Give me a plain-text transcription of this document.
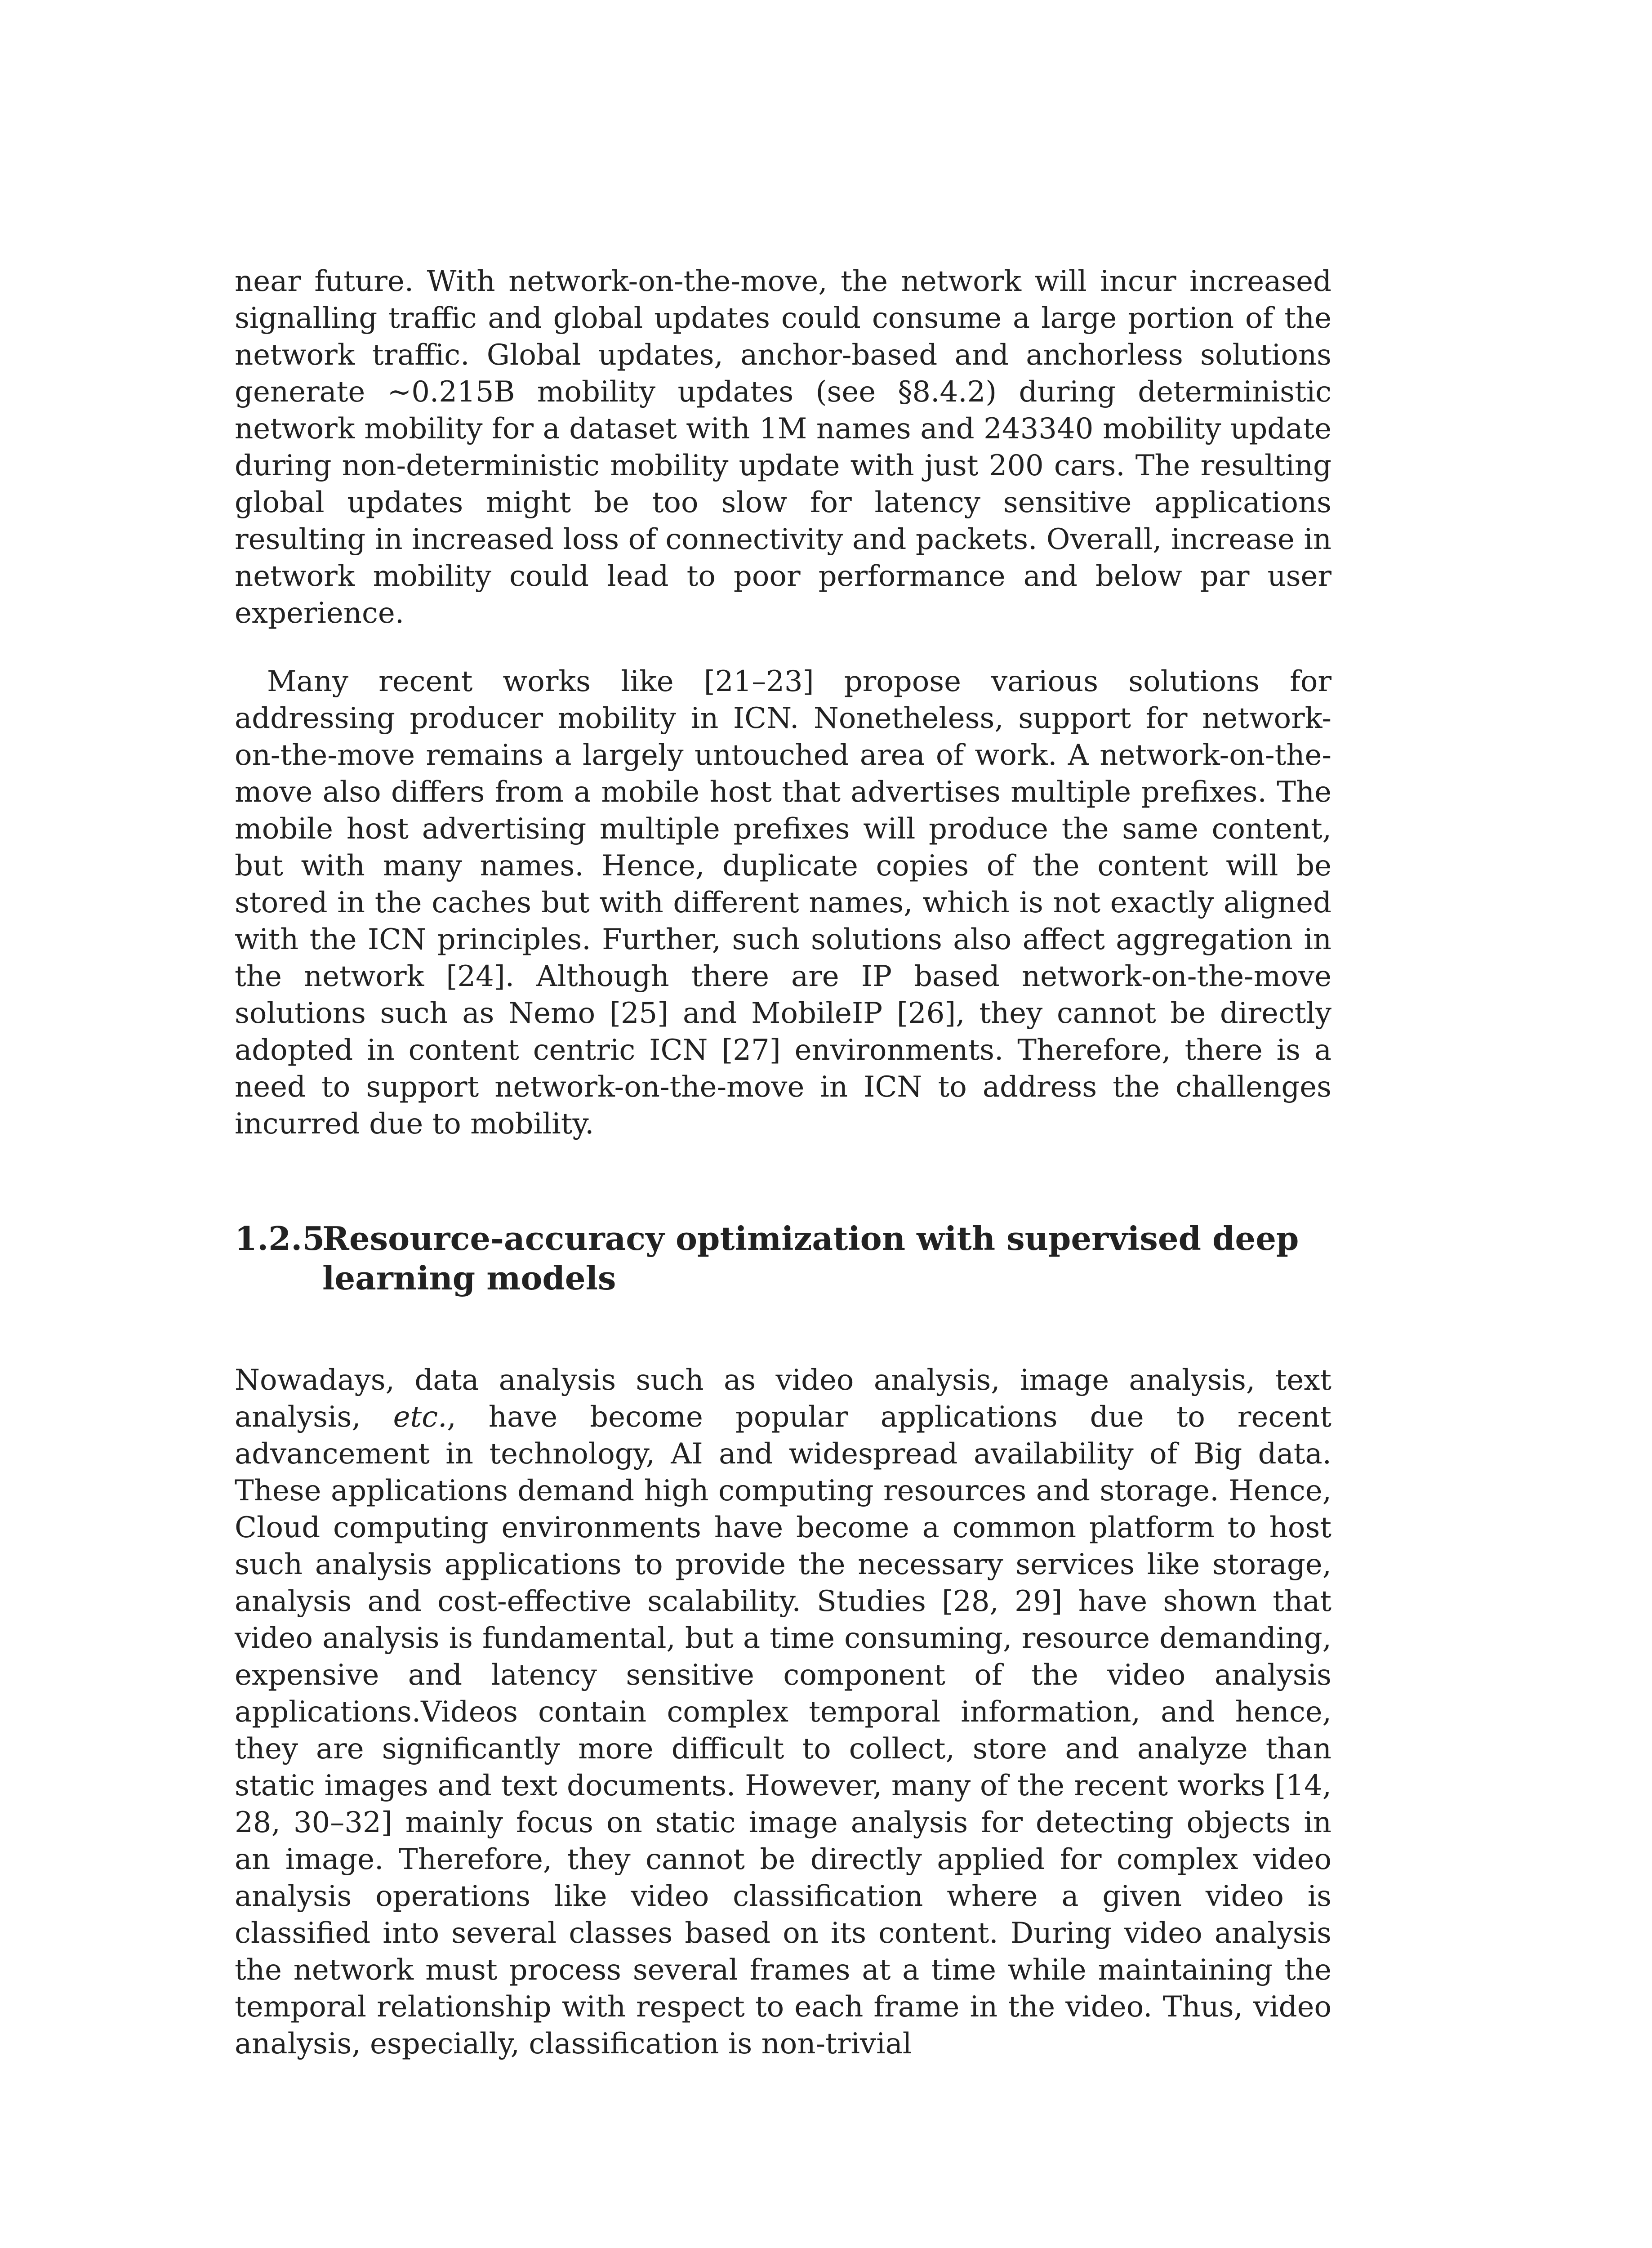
near future. With network-on-the-move, the network will incur increased signalling traffic and global updates could consume a large portion of the network traffic. Global updates, anchor-based and anchorless solutions generate ~0.215B mobility updates (see §8.4.2) during deterministic network mobility for a dataset with 1M names and 243340 mobility update during non-deterministic mobility update with just 200 cars. The resulting global updates might be too slow for latency sensitive applications resulting in increased loss of connectivity and packets. Overall, increase in network mobility could lead to poor performance and below par user experience.

Many recent works like [21–23] propose various solutions for addressing producer mobility in ICN. Nonetheless, support for network-on-the-move remains a largely untouched area of work. A network-on-the-move also differs from a mobile host that advertises multiple prefixes. The mobile host advertising multiple prefixes will produce the same content, but with many names. Hence, duplicate copies of the content will be stored in the caches but with different names, which is not exactly aligned with the ICN principles. Further, such solutions also affect aggregation in the network [24]. Although there are IP based network-on-the-move solutions such as Nemo [25] and MobileIP [26], they cannot be directly adopted in content centric ICN [27] environments. Therefore, there is a need to support network-on-the-move in ICN to address the challenges incurred due to mobility.

1.2.5
Resource-accuracy optimization with supervised deep learning models

Nowadays, data analysis such as video analysis, image analysis, text analysis, etc., have become popular applications due to recent advancement in technology, AI and widespread availability of Big data. These applications demand high computing resources and storage. Hence, Cloud computing environments have become a common platform to host such analysis applications to provide the necessary services like storage, analysis and cost-effective scalability. Studies [28, 29] have shown that video analysis is fundamental, but a time consuming, resource demanding, expensive and latency sensitive component of the video analysis applications.Videos contain complex temporal information, and hence, they are significantly more difficult to collect, store and analyze than static images and text documents. However, many of the recent works [14, 28, 30–32] mainly focus on static image analysis for detecting objects in an image. Therefore, they cannot be directly applied for complex video analysis operations like video classification where a given video is classified into several classes based on its content. During video analysis the network must process several frames at a time while maintaining the temporal relationship with respect to each frame in the video. Thus, video analysis, especially, classification is non-trivial
